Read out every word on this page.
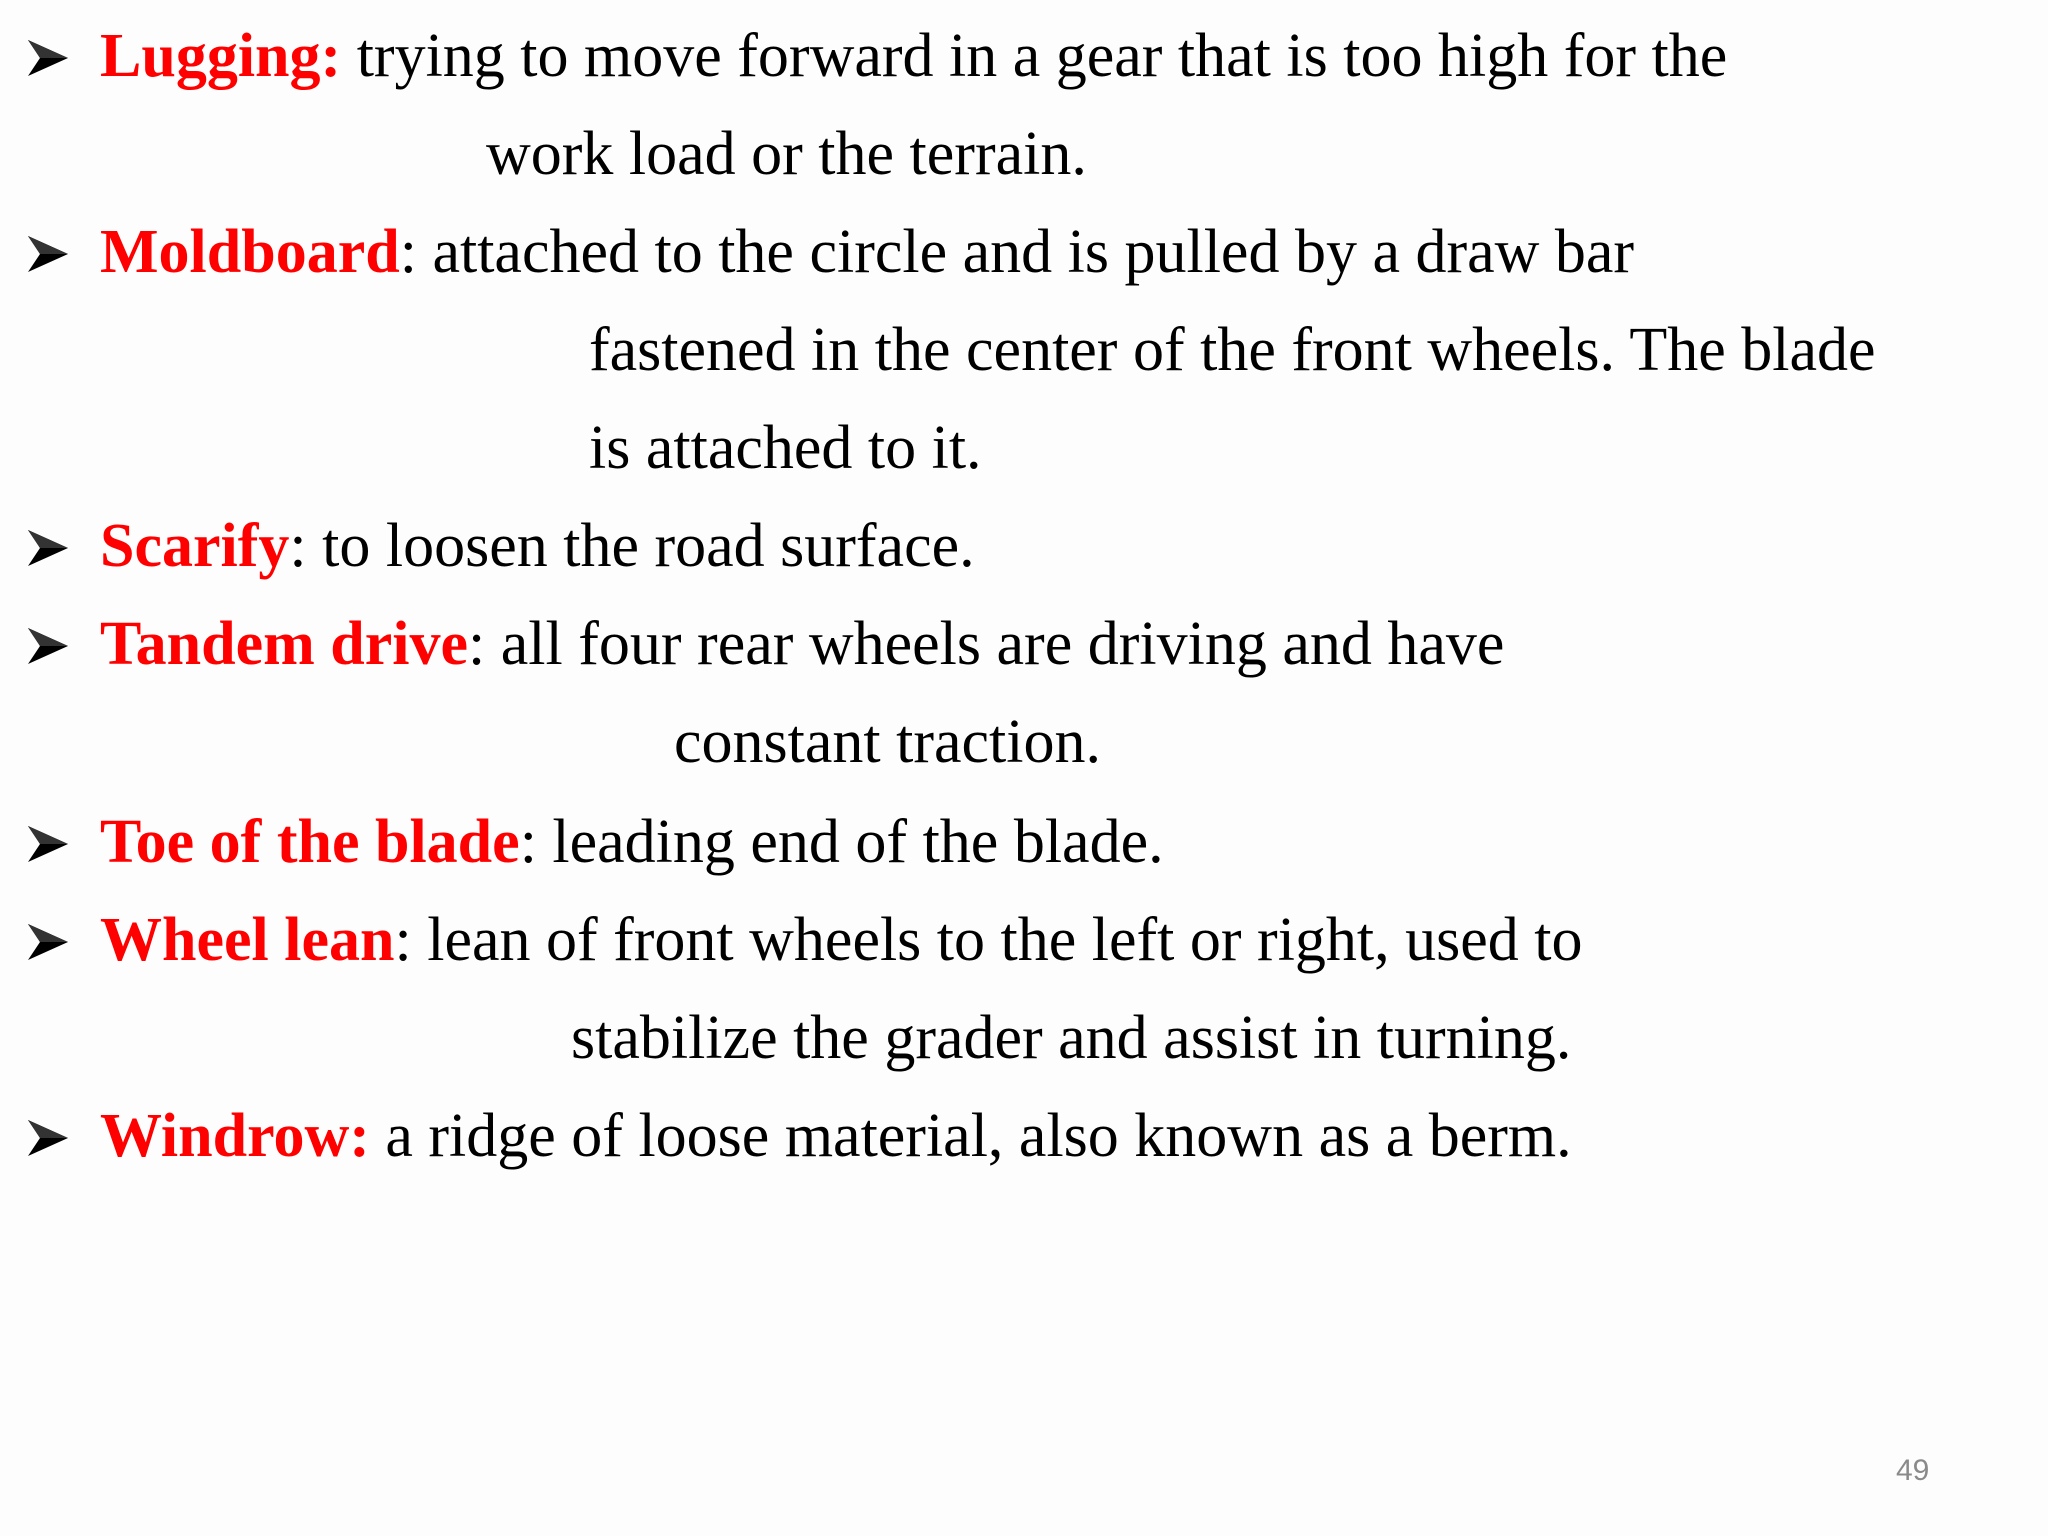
Lugging: trying to move forward in a gear that is too high for the
work load or the terrain.
Moldboard: attached to the circle and is pulled by a draw bar
fastened in the center of the front wheels. The blade
is attached to it.
Scarify: to loosen the road surface.
Tandem drive: all four rear wheels are driving and have
constant traction.
Toe of the blade: leading end of the blade.
Wheel lean: lean of front wheels to the left or right, used to
stabilize the grader and assist in turning.
Windrow: a ridge of loose material, also known as a berm.
49
